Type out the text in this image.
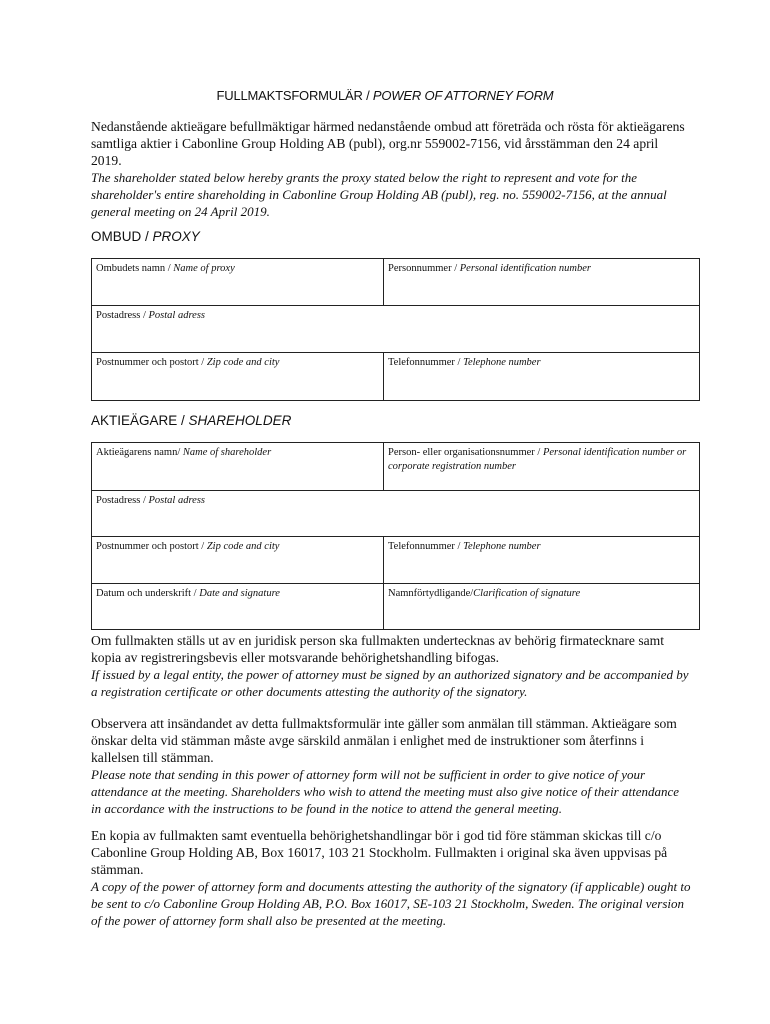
FULLMAKTSFORMULÄR / POWER OF ATTORNEY FORM
Nedanstående aktieägare befullmäktigar härmed nedanstående ombud att företräda och rösta för aktieägarens samtliga aktier i Cabonline Group Holding AB (publ), org.nr 559002-7156, vid årsstämman den 24 april 2019.
The shareholder stated below hereby grants the proxy stated below the right to represent and vote for the shareholder's entire shareholding in Cabonline Group Holding AB (publ), reg. no. 559002-7156, at the annual general meeting on 24 April 2019.
OMBUD / PROXY
Ombudets namn / Name of proxy	Personnummer / Personal identification number
Postadress / Postal adress	
Postnummer och postort / Zip code and city	Telefonnummer / Telephone number
AKTIEÄGARE / SHAREHOLDER
Aktieägarens namn/ Name of shareholder	Person- eller organisationsnummer / Personal identification number or corporate registration number
Postadress / Postal adress	
Postnummer och postort / Zip code and city	Telefonnummer / Telephone number
Datum och underskrift / Date and signature	Namnförtydligande/Clarification of signature
Om fullmakten ställs ut av en juridisk person ska fullmakten undertecknas av behörig firmatecknare samt kopia av registreringsbevis eller motsvarande behörighetshandling bifogas.
If issued by a legal entity, the power of attorney must be signed by an authorized signatory and be accompanied by a registration certificate or other documents attesting the authority of the signatory.
Observera att insändandet av detta fullmaktsformulär inte gäller som anmälan till stämman. Aktieägare som önskar delta vid stämman måste avge särskild anmälan i enlighet med de instruktioner som återfinns i kallelsen till stämman.
Please note that sending in this power of attorney form will not be sufficient in order to give notice of your attendance at the meeting. Shareholders who wish to attend the meeting must also give notice of their attendance in accordance with the instructions to be found in the notice to attend the general meeting.
En kopia av fullmakten samt eventuella behörighetshandlingar bör i god tid före stämman skickas till c/o Cabonline Group Holding AB, Box 16017, 103 21 Stockholm. Fullmakten i original ska även uppvisas på stämman.
A copy of the power of attorney form and documents attesting the authority of the signatory (if applicable) ought to be sent to c/o Cabonline Group Holding AB, P.O. Box 16017, SE-103 21 Stockholm, Sweden. The original version of the power of attorney form shall also be presented at the meeting.
